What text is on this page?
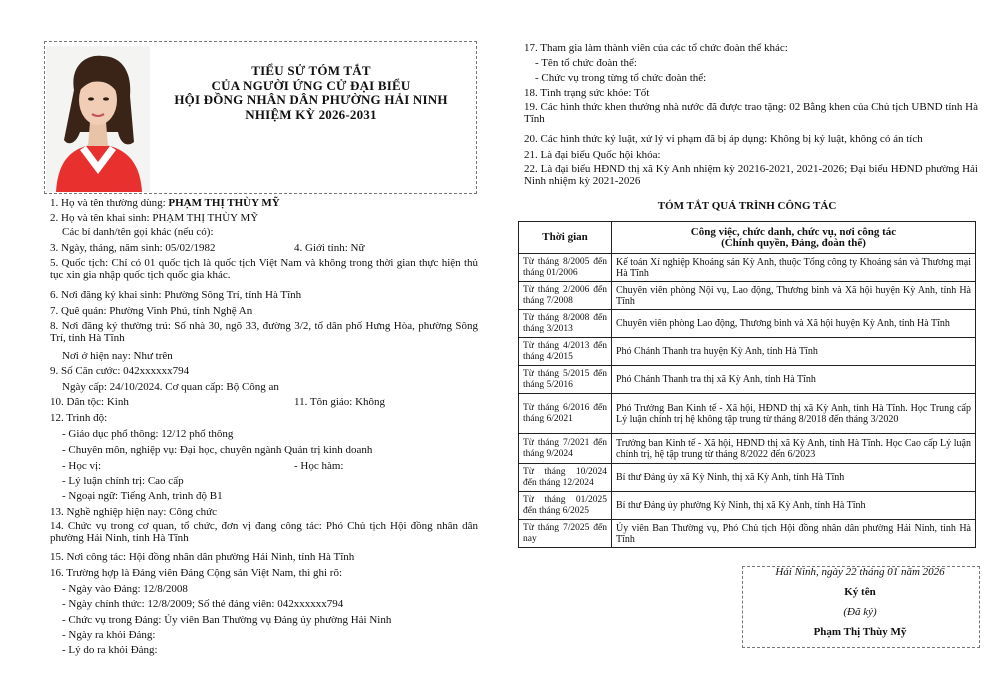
TIỂU SỬ TÓM TẮT
CỦA NGƯỜI ỨNG CỬ ĐẠI BIỂU
HỘI ĐỒNG NHÂN DÂN PHƯỜNG HẢI NINH
NHIỆM KỲ 2026-2031
1. Họ và tên thường dùng: PHẠM THỊ THÙY MỸ
2. Họ và tên khai sinh: PHẠM THỊ THÙY MỸ
Các bí danh/tên gọi khác (nếu có):
3. Ngày, tháng, năm sinh: 05/02/1982	4. Giới tính: Nữ
5. Quốc tịch: Chỉ có 01 quốc tịch là quốc tịch Việt Nam và không trong thời gian thực hiện thủ tục xin gia nhập quốc tịch quốc gia khác.
6. Nơi đăng ký khai sinh: Phường Sông Trí, tỉnh Hà Tĩnh
7. Quê quán: Phường Vinh Phú, tỉnh Nghệ An
8. Nơi đăng ký thường trú: Số nhà 30, ngõ 33, đường 3/2, tổ dân phố Hưng Hòa, phường Sông Trí, tỉnh Hà Tĩnh
Nơi ở hiện nay: Như trên
9. Số Căn cước: 042xxxxxx794
Ngày cấp: 24/10/2024. Cơ quan cấp: Bộ Công an
10. Dân tộc: Kinh	11. Tôn giáo: Không
12. Trình độ:
- Giáo dục phổ thông: 12/12 phổ thông
- Chuyên môn, nghiệp vụ: Đại học, chuyên ngành Quản trị kinh doanh
- Học vị:	- Học hàm:
- Lý luận chính trị: Cao cấp
- Ngoại ngữ: Tiếng Anh, trình độ B1
13. Nghề nghiệp hiện nay: Công chức
14. Chức vụ trong cơ quan, tổ chức, đơn vị đang công tác: Phó Chủ tịch Hội đồng nhân dân phường Hải Ninh, tỉnh Hà Tĩnh
15. Nơi công tác: Hội đồng nhân dân phường Hải Ninh, tỉnh Hà Tĩnh
16. Trường hợp là Đảng viên Đảng Cộng sản Việt Nam, thì ghi rõ:
- Ngày vào Đảng: 12/8/2008
- Ngày chính thức: 12/8/2009; Số thẻ đảng viên: 042xxxxxx794
- Chức vụ trong Đảng: Ủy viên Ban Thường vụ Đảng ủy phường Hải Ninh
- Ngày ra khỏi Đảng:
- Lý do ra khỏi Đảng:
17. Tham gia làm thành viên của các tổ chức đoàn thể khác:
- Tên tổ chức đoàn thể:
- Chức vụ trong từng tổ chức đoàn thể:
18. Tình trạng sức khỏe: Tốt
19. Các hình thức khen thưởng nhà nước đã được trao tặng: 02 Bằng khen của Chủ tịch UBND tỉnh Hà Tĩnh
20. Các hình thức kỷ luật, xử lý vi phạm đã bị áp dụng: Không bị kỷ luật, không có án tích
21. Là đại biểu Quốc hội khóa:
22. Là đại biểu HĐND thị xã Kỳ Anh nhiệm kỳ 20216-2021, 2021-2026; Đại biểu HĐND phường Hải Ninh nhiệm kỳ 2021-2026
TÓM TẮT QUÁ TRÌNH CÔNG TÁC
Thời gian	Công việc, chức danh, chức vụ, nơi công tác
(Chính quyền, Đảng, đoàn thể)

Từ tháng 8/2005 đến tháng 01/2006	Kế toán Xí nghiệp Khoáng sản Kỳ Anh, thuộc Tổng công ty Khoáng sản và Thương mại Hà Tĩnh
Từ tháng 2/2006 đến tháng 7/2008	Chuyên viên phòng Nội vụ, Lao động, Thương binh và Xã hội huyện Kỳ Anh, tỉnh Hà Tĩnh
Từ tháng 8/2008 đến tháng 3/2013	Chuyên viên phòng Lao động, Thương binh và Xã hội huyện Kỳ Anh, tỉnh Hà Tĩnh
Từ tháng 4/2013 đến tháng 4/2015	Phó Chánh Thanh tra huyện Kỳ Anh, tỉnh Hà Tĩnh
Từ tháng 5/2015 đến tháng 5/2016	Phó Chánh Thanh tra thị xã Kỳ Anh, tỉnh Hà Tĩnh
Từ tháng 6/2016 đến tháng 6/2021	Phó Trưởng Ban Kinh tế - Xã hội, HĐND thị xã Kỳ Anh, tỉnh Hà Tĩnh. Học Trung cấp Lý luận chính trị hệ không tập trung từ tháng 8/2018 đến tháng 3/2020
Từ tháng 7/2021 đến tháng 9/2024	Trưởng ban Kinh tế - Xã hội, HĐND thị xã Kỳ Anh, tỉnh Hà Tĩnh. Học Cao cấp Lý luận chính trị, hệ tập trung từ tháng 8/2022 đến 6/2023
Từ tháng 10/2024 đến tháng 12/2024	Bí thư Đảng ủy xã Kỳ Ninh, thị xã Kỳ Anh, tỉnh Hà Tĩnh
Từ tháng 01/2025 đến tháng 6/2025	Bí thư Đảng ủy phường Kỳ Ninh, thị xã Kỳ Anh, tỉnh Hà Tĩnh
Từ tháng 7/2025 đến nay	Ủy viên Ban Thường vụ, Phó Chủ tịch Hội đồng nhân dân phường Hải Ninh, tỉnh Hà Tĩnh
Hải Ninh, ngày 22 tháng 01 năm 2026
Ký tên
(Đã ký)
Phạm Thị Thùy Mỹ
